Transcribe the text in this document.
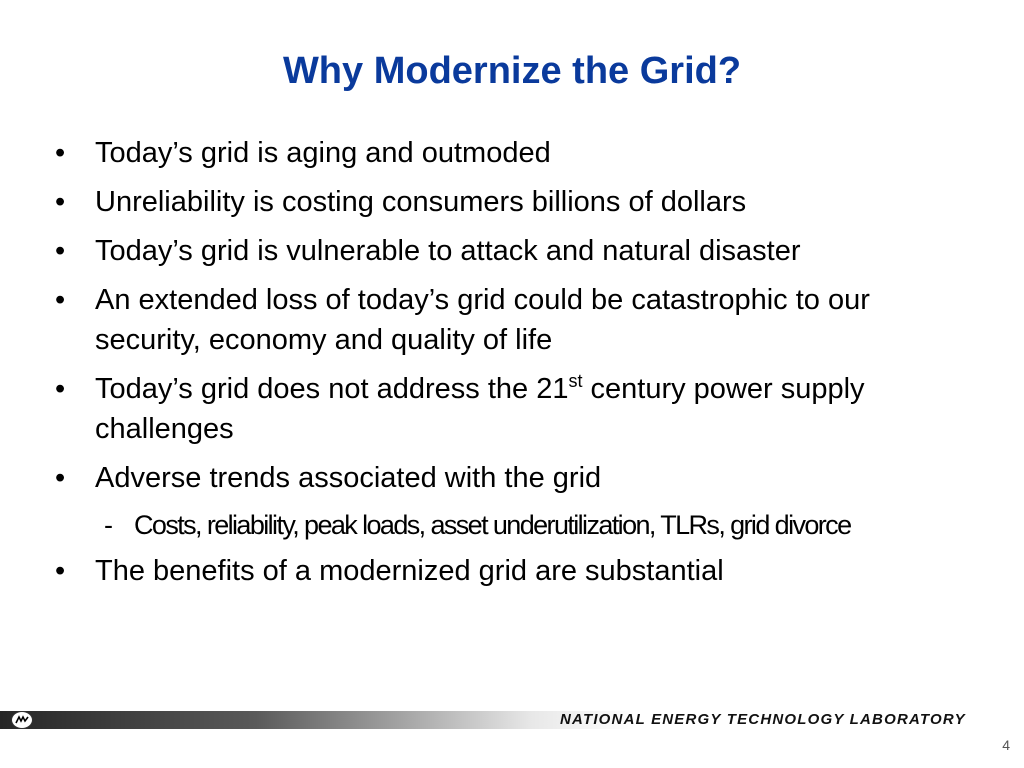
Why Modernize the Grid?
• Today’s grid is aging and outmoded
• Unreliability is costing consumers billions of dollars
• Today’s grid is vulnerable to attack and natural disaster
• An extended loss of today’s grid could be catastrophic to our security, economy and quality of life
• Today’s grid does not address the 21st century power supply challenges
• Adverse trends associated with the grid
- Costs, reliability, peak loads, asset underutilization, TLRs, grid divorce
• The benefits of a modernized grid are substantial
NATIONAL ENERGY TECHNOLOGY LABORATORY
4
